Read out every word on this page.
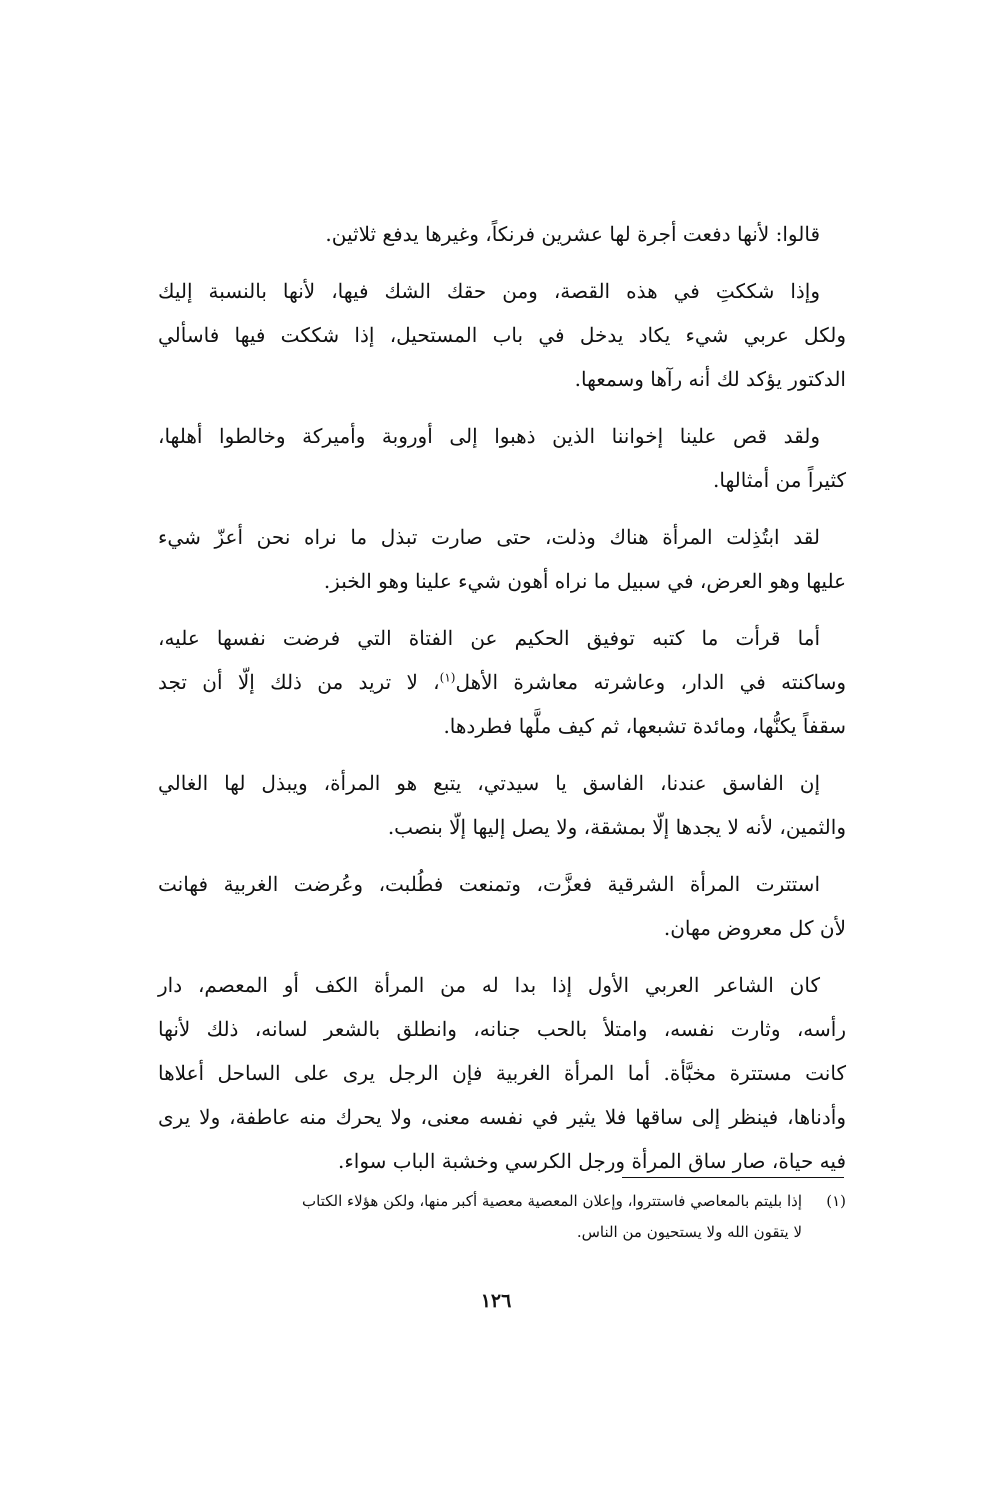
قالوا: لأنها دفعت أجرة لها عشرين فرنكاً، وغيرها يدفع ثلاثين.

وإذا شككتِ في هذه القصة، ومن حقك الشك فيها، لأنها بالنسبة إليك
ولكل عربي شيء يكاد يدخل في باب المستحيل، إذا شككت فيها فاسألي
الدكتور يؤكد لك أنه رآها وسمعها.

ولقد قص علينا إخواننا الذين ذهبوا إلى أوروبة وأميركة وخالطوا أهلها،
كثيراً من أمثالها.

لقد ابتُذِلت المرأة هناك وذلت، حتى صارت تبذل ما نراه نحن أعزّ شيء
عليها وهو العرض، في سبيل ما نراه أهون شيء علينا وهو الخبز.

أما قرأت ما كتبه توفيق الحكيم عن الفتاة التي فرضت نفسها عليه،
وساكنته في الدار، وعاشرته معاشرة الأهل$^{(١)}$، لا تريد من ذلك إلّا أن تجد
سقفاً يكنُّها، ومائدة تشبعها، ثم كيف ملَّها فطردها.

إن الفاسق عندنا، الفاسق يا سيدتي، يتبع هو المرأة، ويبذل لها الغالي
والثمين، لأنه لا يجدها إلّا بمشقة، ولا يصل إليها إلّا بنصب.

استترت المرأة الشرقية فعزَّت، وتمنعت فطُلبت، وعُرضت الغربية فهانت
لأن كل معروض مهان.

كان الشاعر العربي الأول إذا بدا له من المرأة الكف أو المعصم، دار
رأسه، وثارت نفسه، وامتلأ بالحب جنانه، وانطلق بالشعر لسانه، ذلك لأنها
كانت مستترة مخبَّأة. أما المرأة الغربية فإن الرجل يرى على الساحل أعلاها
وأدناها، فينظر إلى ساقها فلا يثير في نفسه معنى، ولا يحرك منه عاطفة، ولا يرى
فيه حياة، صار ساق المرأة ورجل الكرسي وخشبة الباب سواء.

(١)
إذا بليتم بالمعاصي فاستتروا، وإعلان المعصية معصية أكبر منها، ولكن هؤلاء الكتاب
لا يتقون الله ولا يستحيون من الناس.
١٢٦
